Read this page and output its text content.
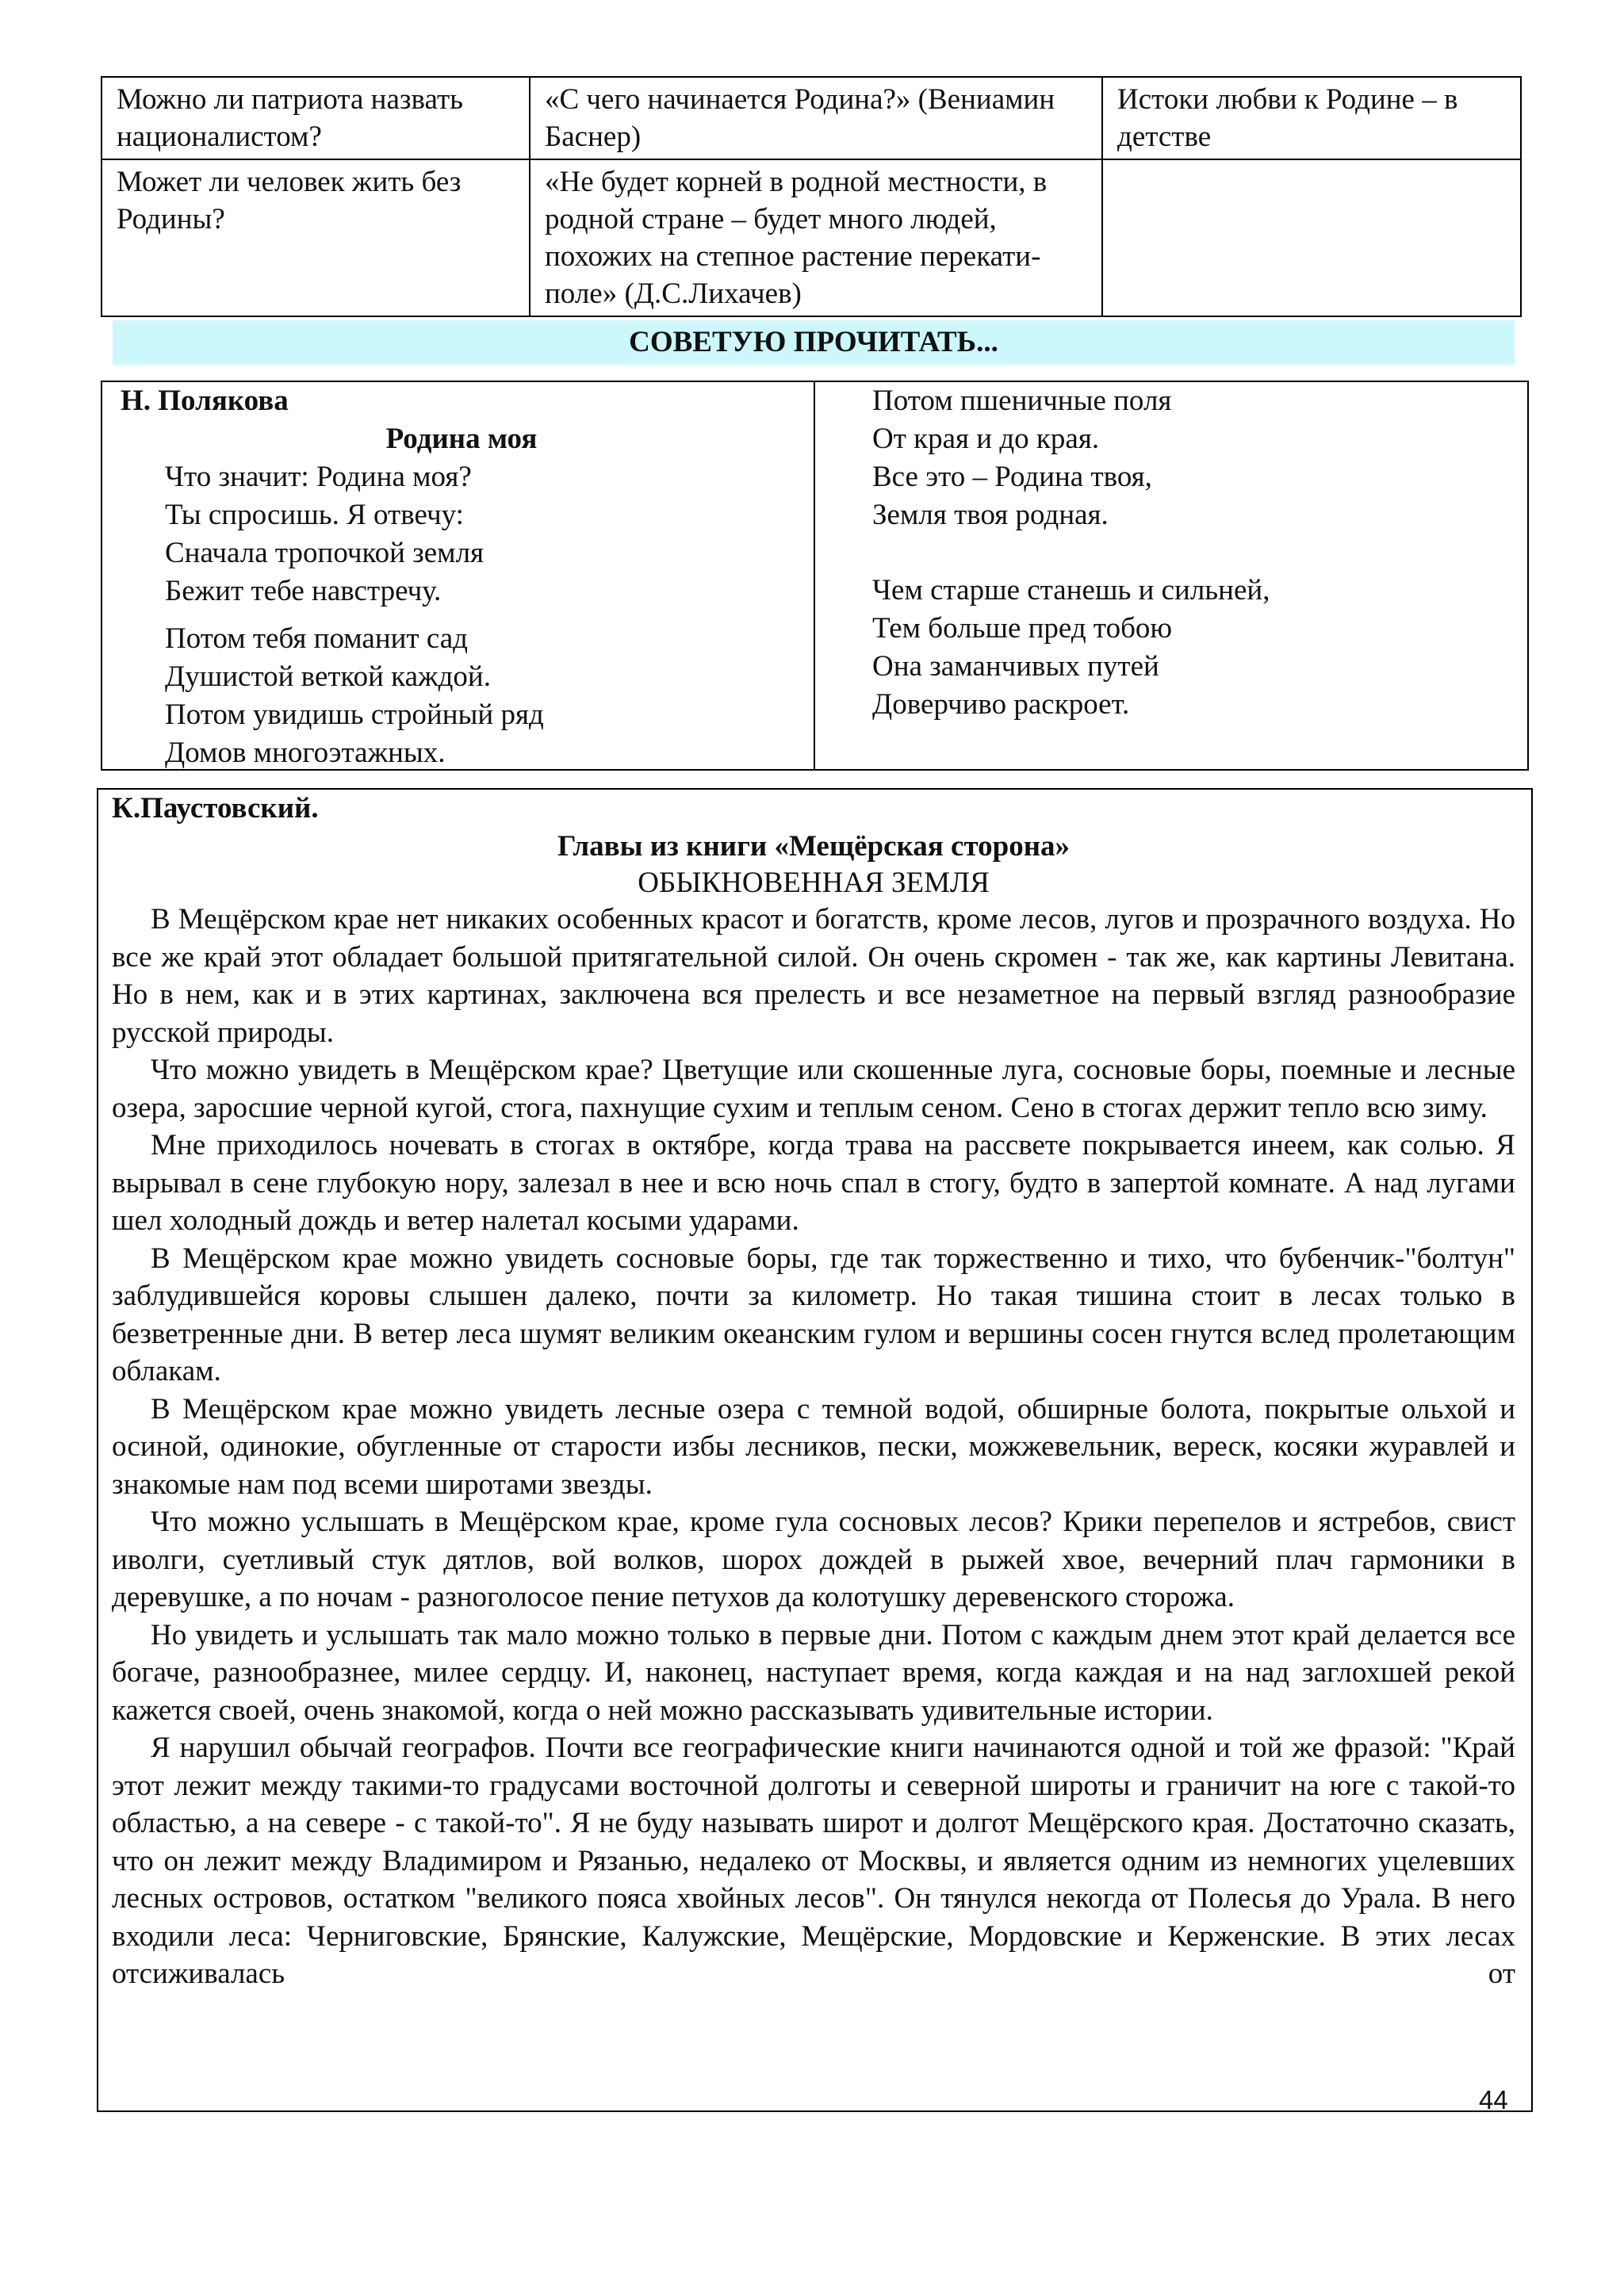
Можно ли патриота назвать националистом?	«С чего начинается Родина?» (Вениамин Баснер)	Истоки любви к Родине – в детстве
Может ли человек жить без Родины?	«Не будет корней в родной местности, в родной стране – будет много людей, похожих на степное растение перекати-поле» (Д.С.Лихачев)	
СОВЕТУЮ ПРОЧИТАТЬ...
Н. Полякова
Родина моя
Что значит: Родина моя?
Ты спросишь. Я отвечу:
Сначала тропочкой земля
Бежит тебе навстречу.
Потом тебя поманит сад
Душистой веткой каждой.
Потом увидишь стройный ряд
Домов многоэтажных.
Потом пшеничные поля
От края и до края.
Все это – Родина твоя,
Земля твоя родная.
Чем старше станешь и сильней,
Тем больше пред тобою
Она заманчивых путей
Доверчиво раскроет.
К.Паустовский.
Главы из книги «Мещёрская сторона»
ОБЫКНОВЕННАЯ ЗЕМЛЯ

В Мещёрском крае нет никаких особенных красот и богатств, кроме лесов, лугов и прозрачного воздуха. Но все же край этот обладает большой притягательной силой. Он очень скромен - так же, как картины Левитана. Но в нем, как и в этих картинах, заключена вся прелесть и все незаметное на первый взгляд разнообразие русской природы.

Что можно увидеть в Мещёрском крае? Цветущие или скошенные луга, сосновые боры, поемные и лесные озера, заросшие черной кугой, стога, пахнущие сухим и теплым сеном. Сено в стогах держит тепло всю зиму.

Мне приходилось ночевать в стогах в октябре, когда трава на рассвете покрывается инеем, как солью. Я вырывал в сене глубокую нору, залезал в нее и всю ночь спал в стогу, будто в запертой комнате. А над лугами шел холодный дождь и ветер налетал косыми ударами.

В Мещёрском крае можно увидеть сосновые боры, где так торжественно и тихо, что бубенчик-"болтун" заблудившейся коровы слышен далеко, почти за километр. Но такая тишина стоит в лесах только в безветренные дни. В ветер леса шумят великим океанским гулом и вершины сосен гнутся вслед пролетающим облакам.

В Мещёрском крае можно увидеть лесные озера с темной водой, обширные болота, покрытые ольхой и осиной, одинокие, обугленные от старости избы лесников, пески, можжевельник, вереск, косяки журавлей и знакомые нам под всеми широтами звезды.

Что можно услышать в Мещёрском крае, кроме гула сосновых лесов? Крики перепелов и ястребов, свист иволги, суетливый стук дятлов, вой волков, шорох дождей в рыжей хвое, вечерний плач гармоники в деревушке, а по ночам - разноголосое пение петухов да колотушку деревенского сторожа.

Но увидеть и услышать так мало можно только в первые дни. Потом с каждым днем этот край делается все богаче, разнообразнее, милее сердцу. И, наконец, наступает время, когда каждая и на над заглохшей рекой кажется своей, очень знакомой, когда о ней можно рассказывать удивительные истории.

Я нарушил обычай географов. Почти все географические книги начинаются одной и той же фразой: "Край этот лежит между такими-то градусами восточной долготы и северной широты и граничит на юге с такой-то областью, а на севере - с такой-то". Я не буду называть широт и долгот Мещёрского края. Достаточно сказать, что он лежит между Владимиром и Рязанью, недалеко от Москвы, и является одним из немногих уцелевших лесных островов, остатком "великого пояса хвойных лесов". Он тянулся некогда от Полесья до Урала. В него входили леса: Черниговские, Брянские, Калужские, Мещёрские, Мордовские и Керженские. В этих лесах отсиживалась от

44
